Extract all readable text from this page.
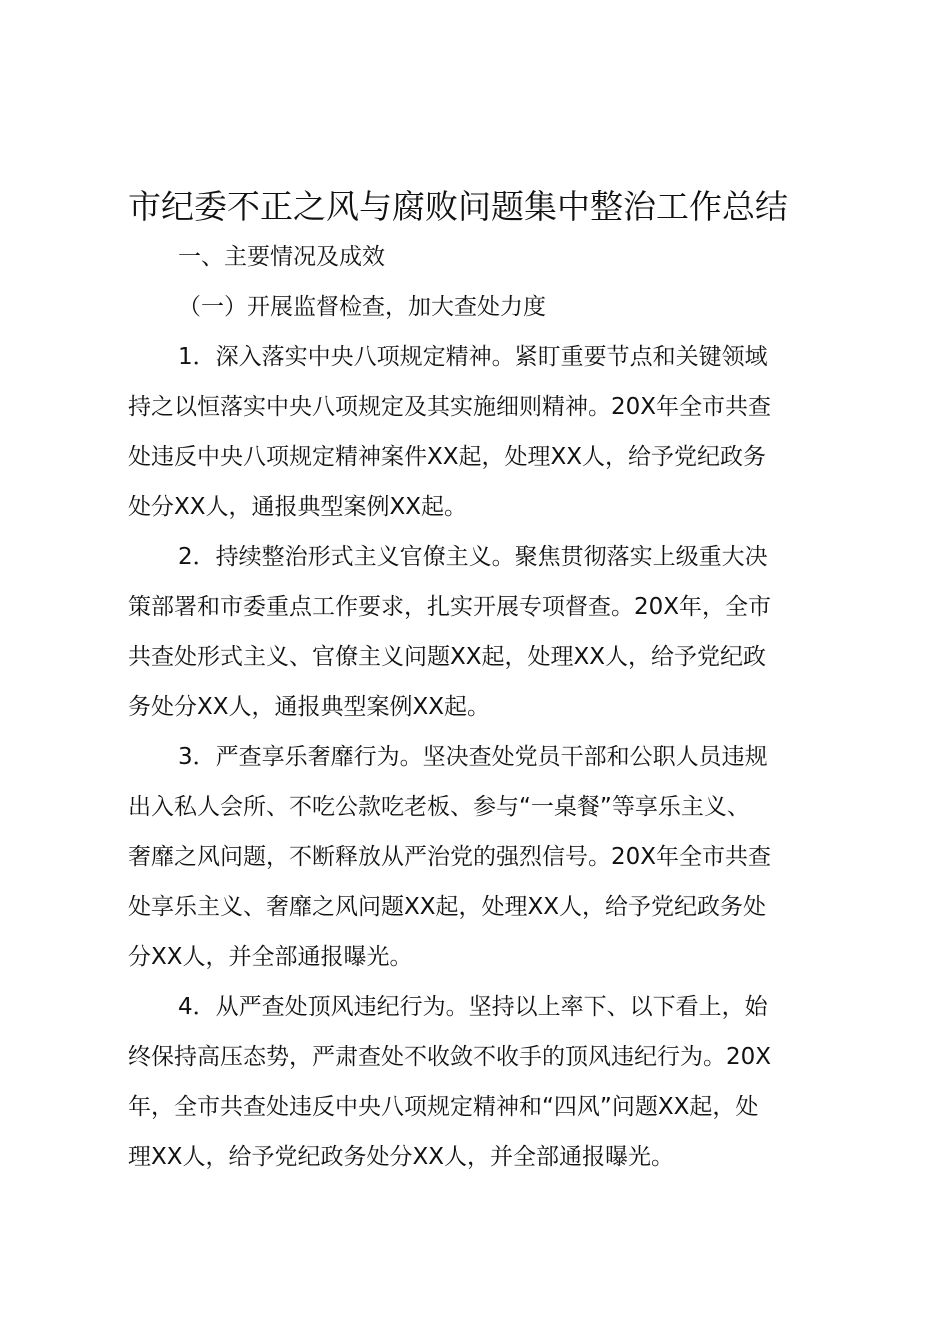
市纪委不正之风与腐败问题集中整治工作总结

一、主要情况及成效

（一）开展监督检查，加大查处力度

1．深入落实中央八项规定精神。紧盯重要节点和关键领域
持之以恒落实中央八项规定及其实施细则精神。20X年全市共查
处违反中央八项规定精神案件XX起，处理XX人，给予党纪政务
处分XX人，通报典型案例XX起。

2．持续整治形式主义官僚主义。聚焦贯彻落实上级重大决
策部署和市委重点工作要求，扎实开展专项督查。20X年，全市
共查处形式主义、官僚主义问题XX起，处理XX人，给予党纪政
务处分XX人，通报典型案例XX起。

3．严查享乐奢靡行为。坚决查处党员干部和公职人员违规
出入私人会所、不吃公款吃老板、参与“一桌餐”等享乐主义、
奢靡之风问题，不断释放从严治党的强烈信号。20X年全市共查
处享乐主义、奢靡之风问题XX起，处理XX人，给予党纪政务处
分XX人，并全部通报曝光。

4．从严查处顶风违纪行为。坚持以上率下、以下看上，始
终保持高压态势，严肃查处不收敛不收手的顶风违纪行为。20X
年，全市共查处违反中央八项规定精神和“四风”问题XX起，处
理XX人，给予党纪政务处分XX人，并全部通报曝光。
